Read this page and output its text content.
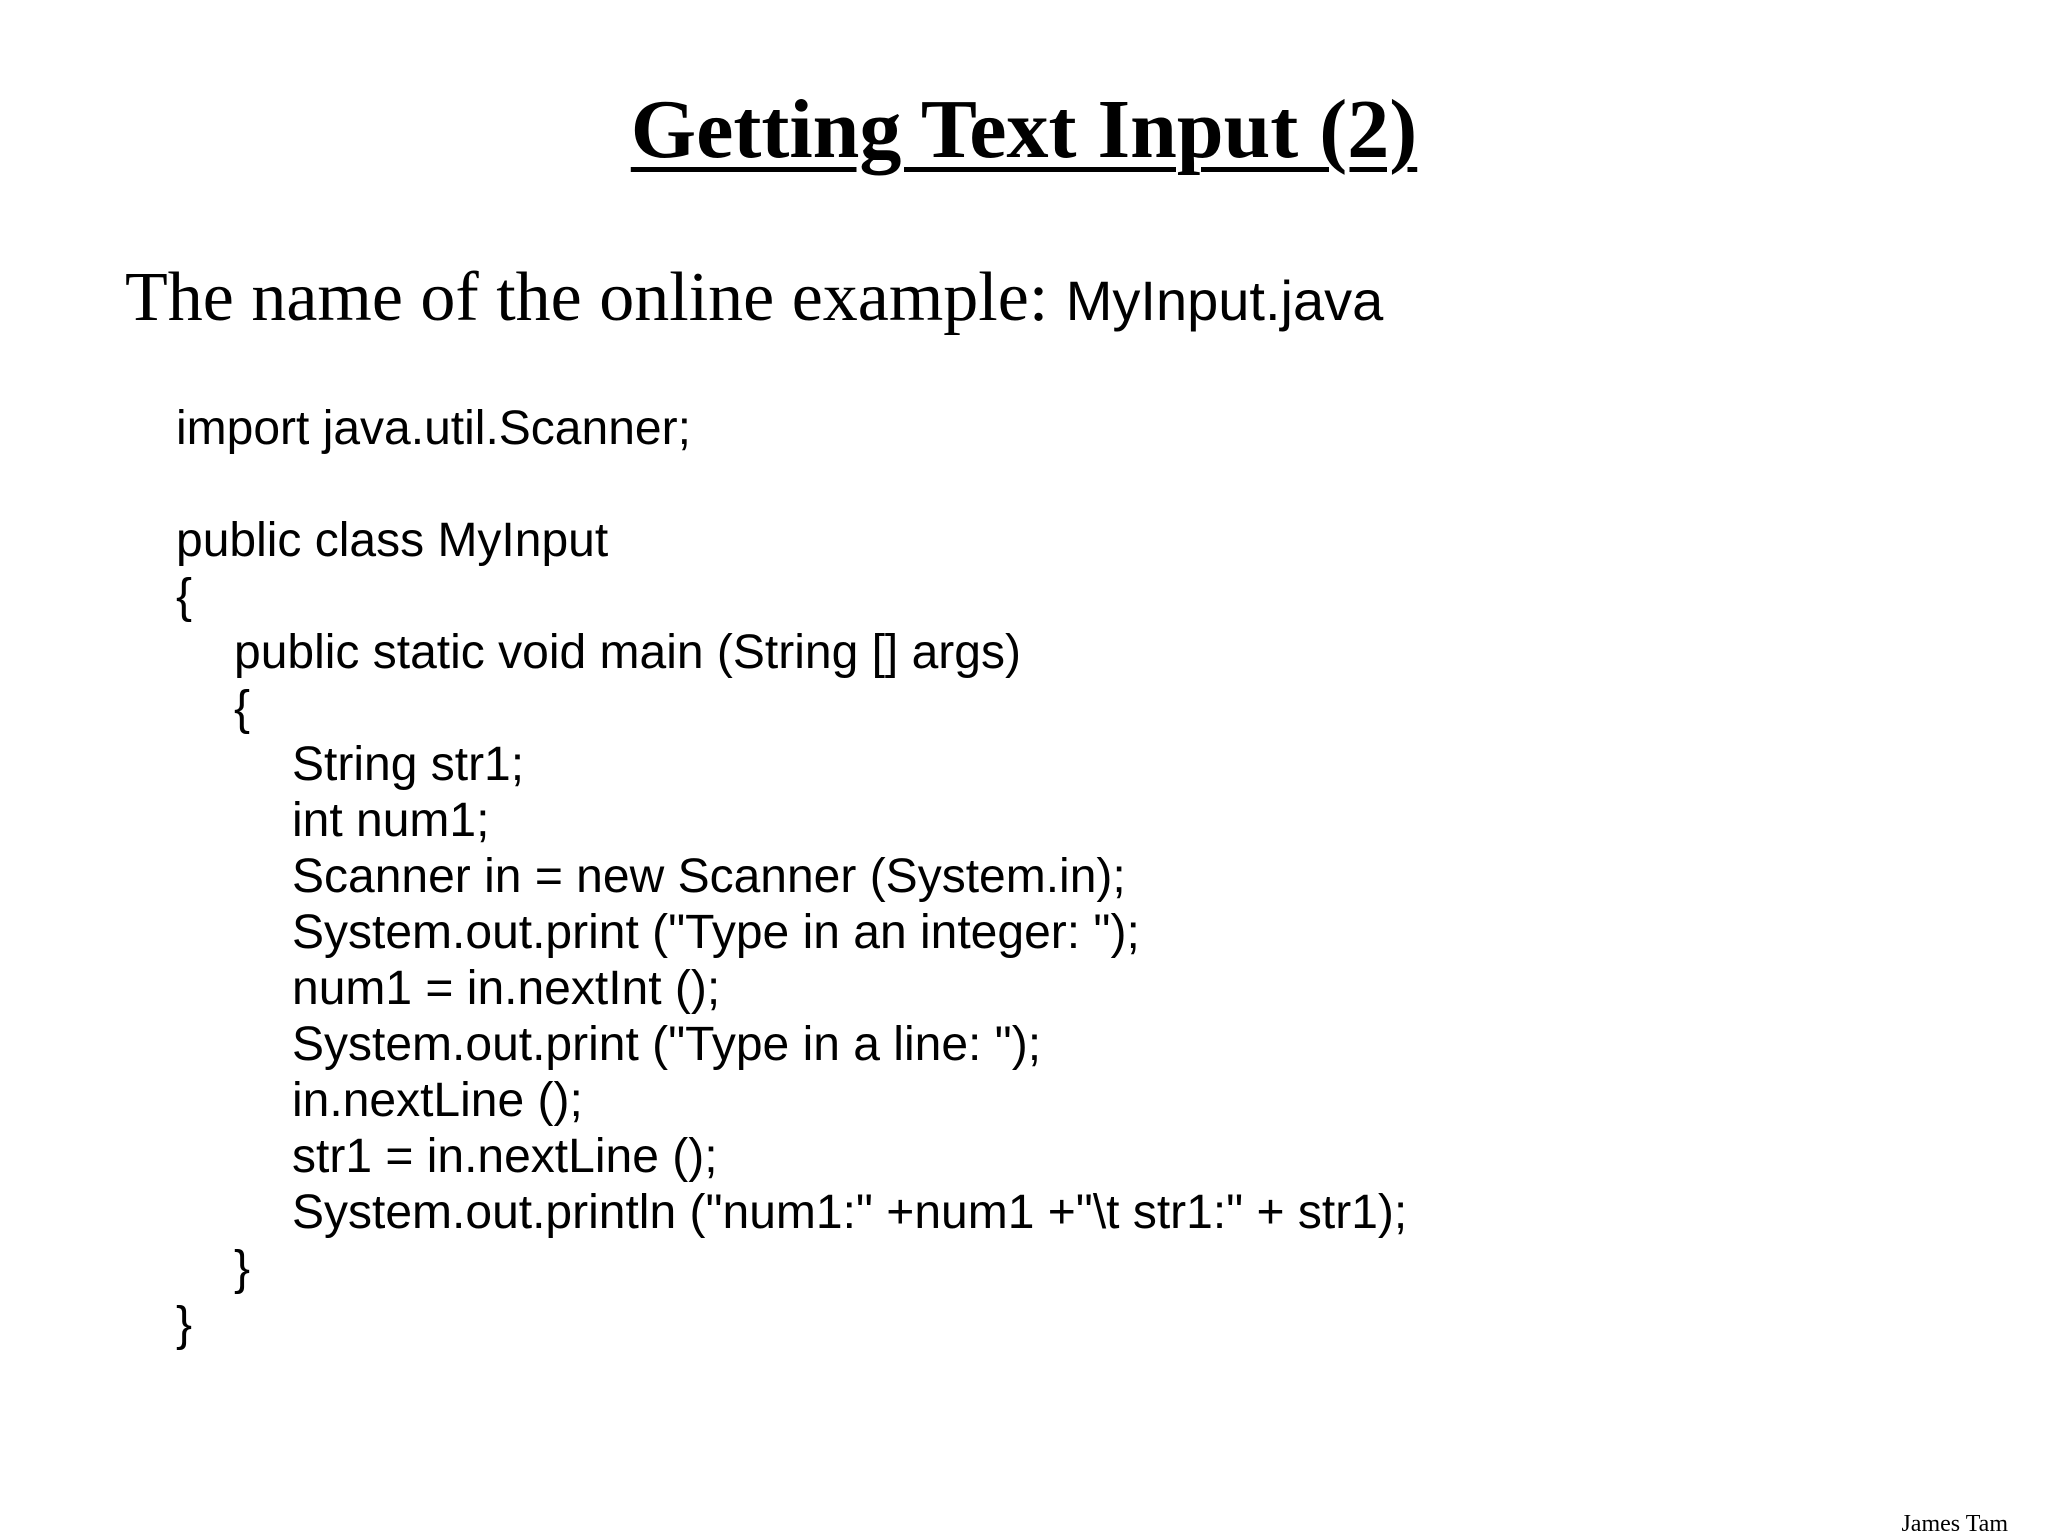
Getting Text Input (2)
The name of the online example: MyInput.java
import java.util.Scanner;
public class MyInput
{
public static void main (String [] args)
{
String str1;
int num1;
Scanner in = new Scanner (System.in);
System.out.print ("Type in an integer: ");
num1 = in.nextInt ();
System.out.print ("Type in a line: ");
in.nextLine ();
str1 = in.nextLine ();
System.out.println ("num1:" +num1 +"\t str1:" + str1);
}
}
James Tam
